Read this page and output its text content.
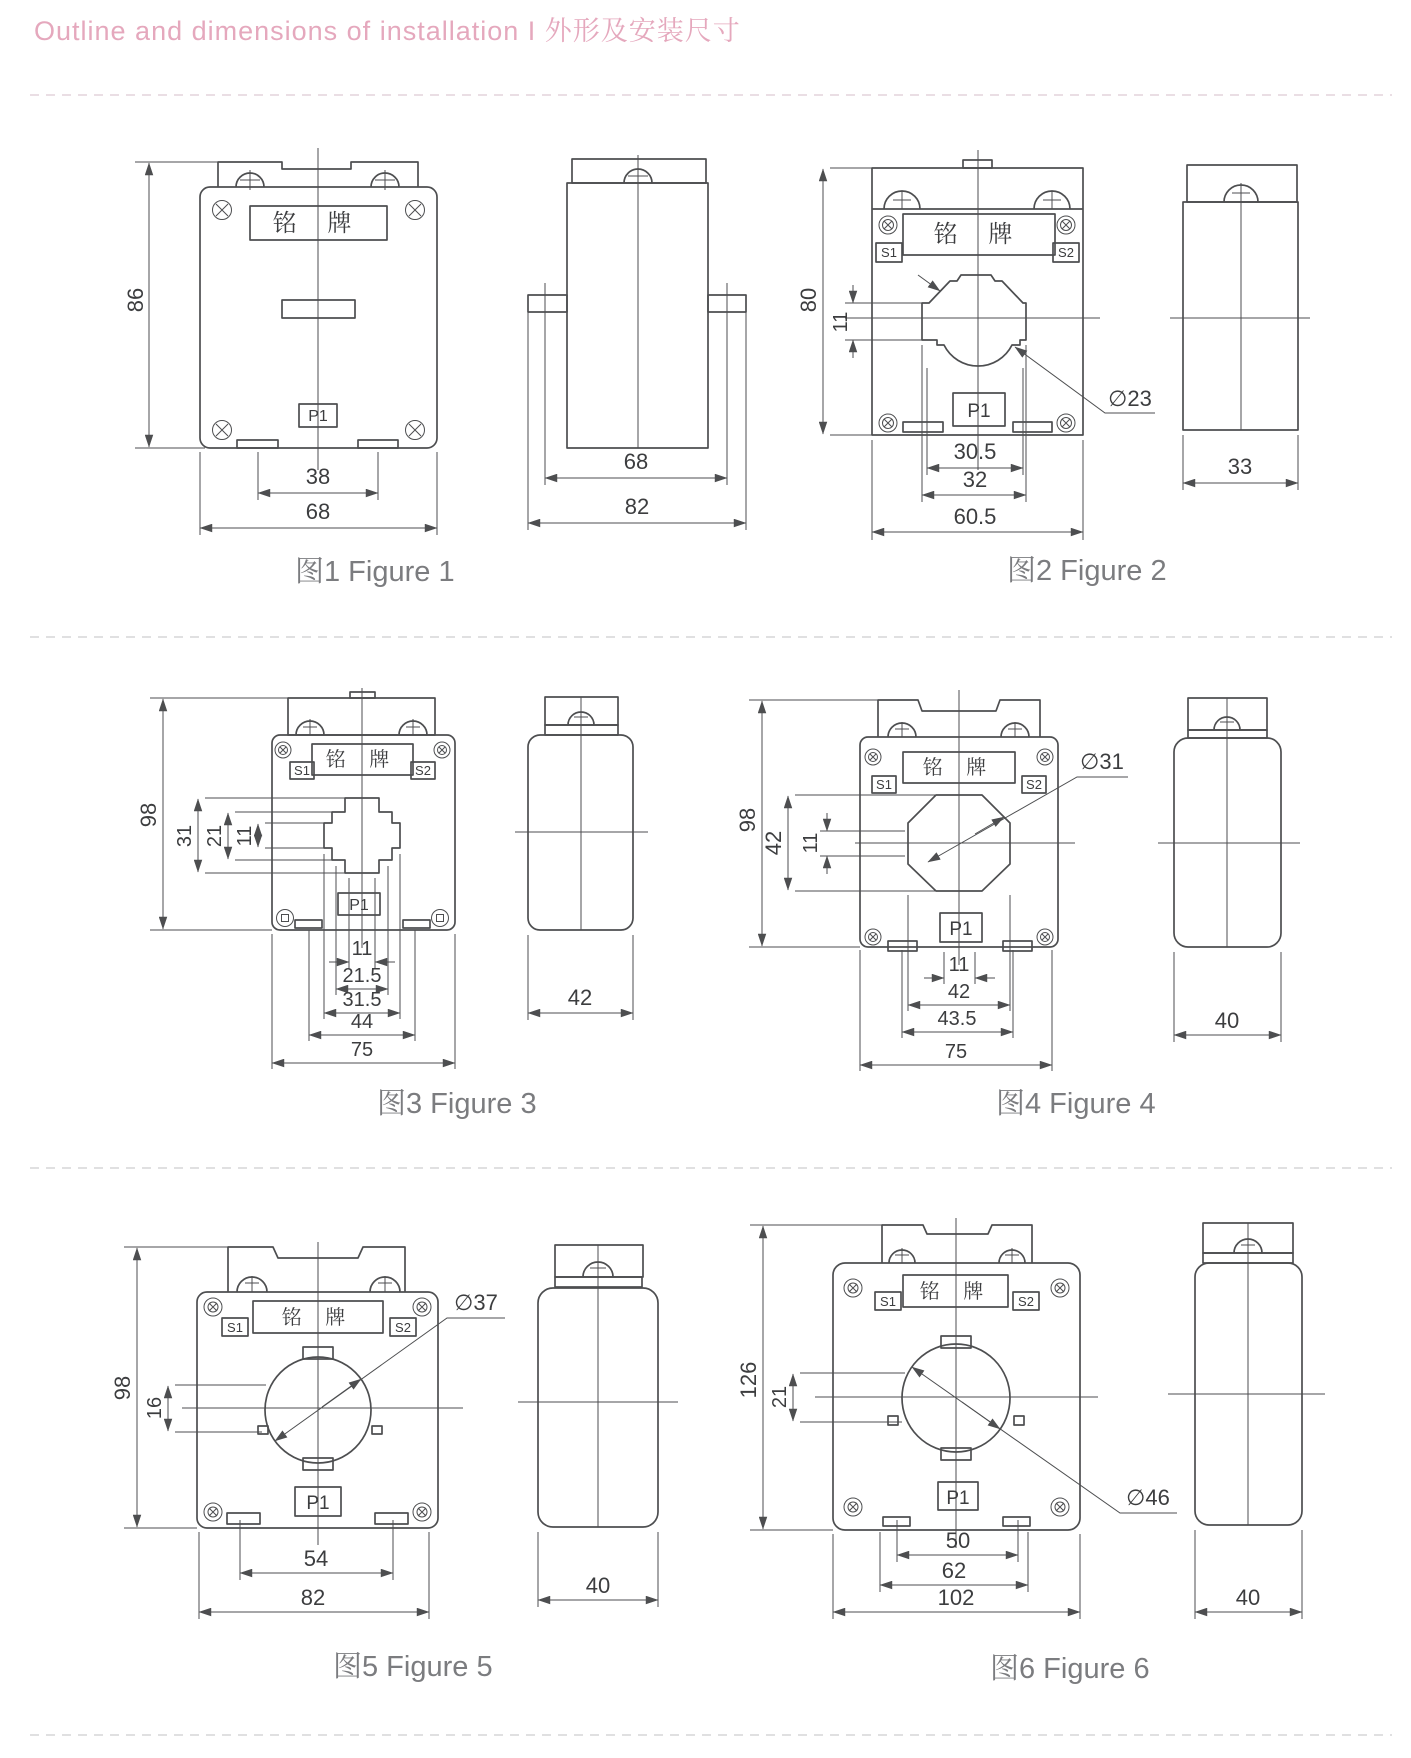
Outline and dimensions of installation I 外形及安装尺寸
铭 牌
P1
86
38
68
68
82
图1 Figure 1
S1	S2
铭 牌
11
80
∅23
P1
30.5
32
60.5
33
图2 Figure 2
S1	S2
铭 牌
31 21 11
98
P1
11
21.5
31.5
44
75
42
图3 Figure 3
S1	S2
铭 牌
42 11
98
∅31
P1
11
42
43.5
75
40
图4 Figure 4
S1	S2
铭 牌
16
98
∅37
P1
54
82	40
图5 Figure 5
S1	S2
铭 牌
21
126
∅46
P1
50
62
102	40
图6 Figure 6
